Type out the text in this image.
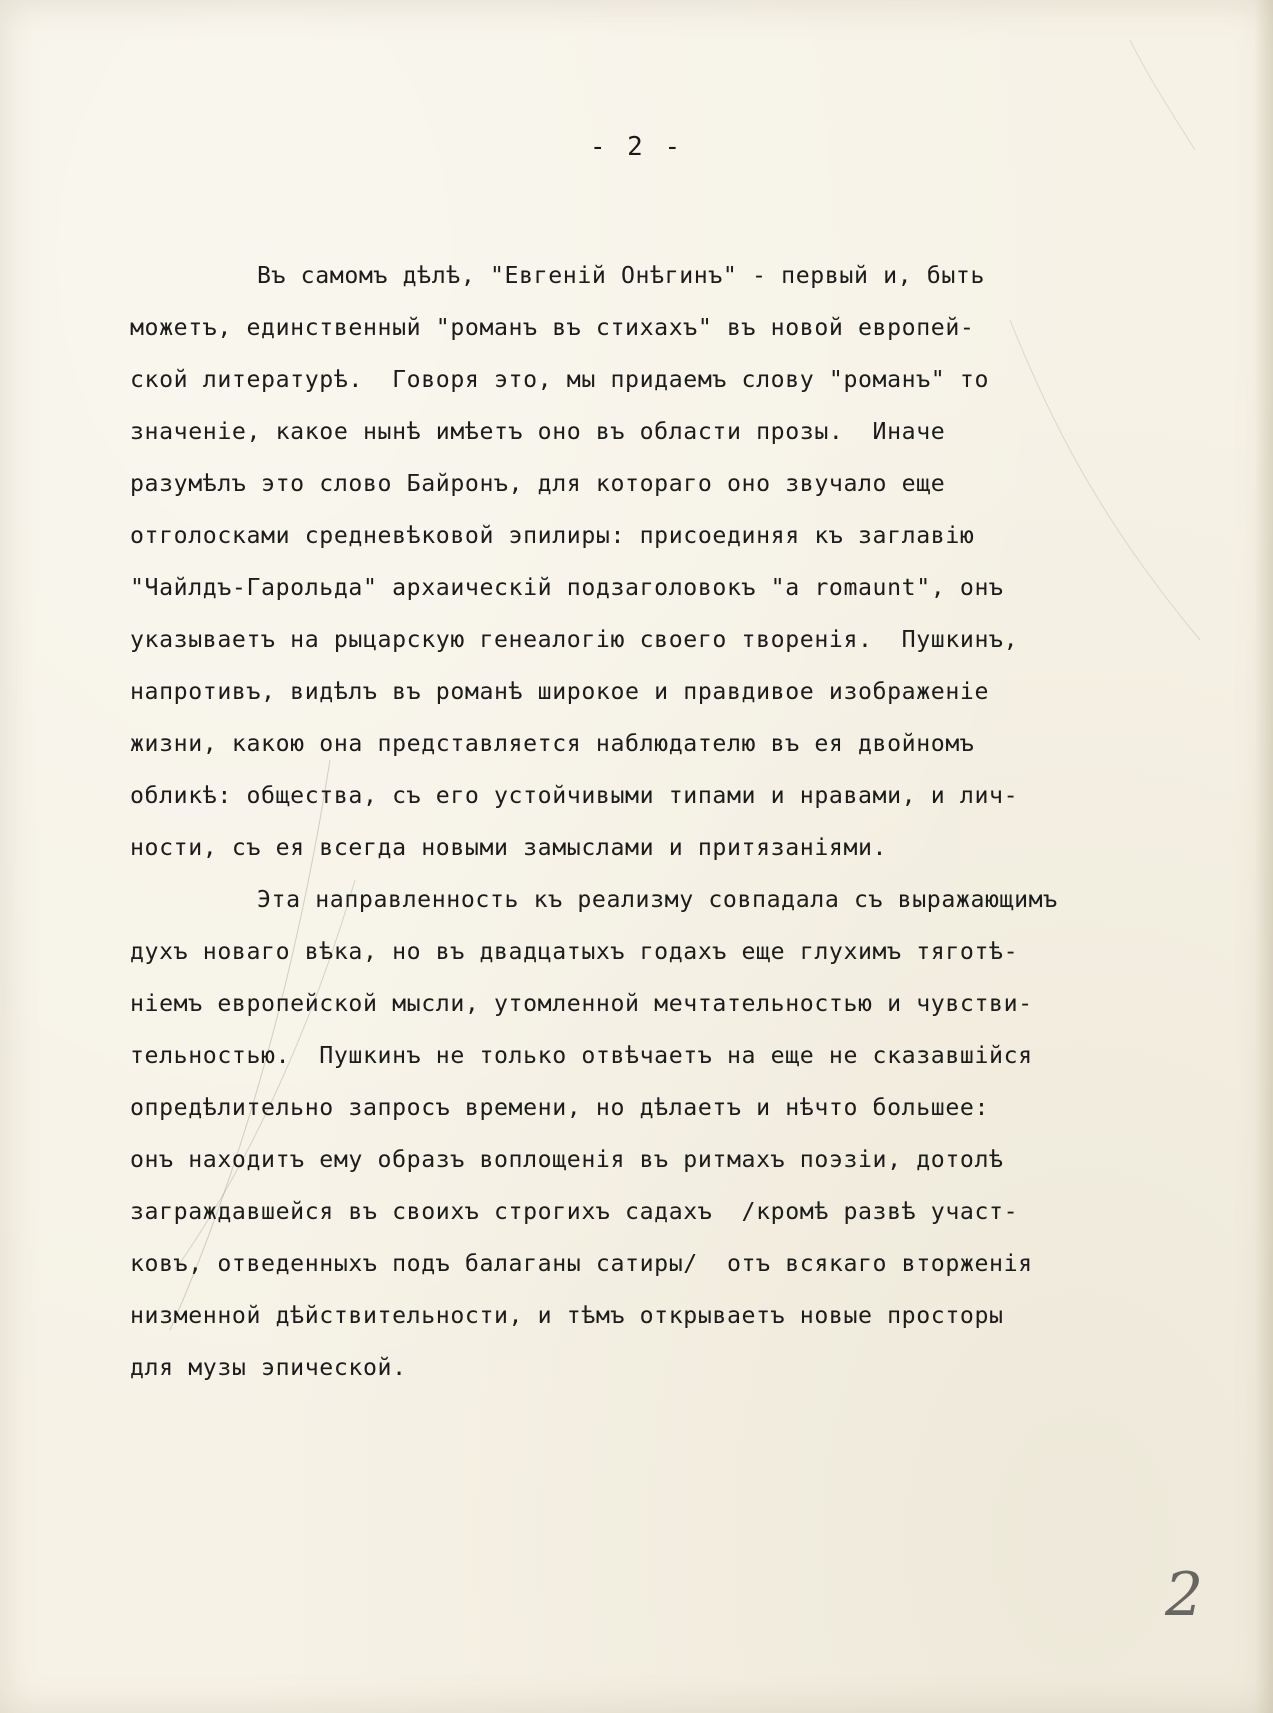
- 2 -
Въ самомъ дѣлѣ, "Евгеній Онѣгинъ" - первый и, быть
можетъ, единственный "романъ въ стихахъ" въ новой европей-
ской литературѣ.  Говоря это, мы придаемъ слову "романъ" то
значеніе, какое нынѣ имѣетъ оно въ области прозы.  Иначе
разумѣлъ это слово Байронъ, для котораго оно звучало еще
отголосками средневѣковой эпилиры: присоединяя къ заглавію
"Чайлдъ-Гарольда" архаическій подзаголовокъ "а romaunt", онъ
указываетъ на рыцарскую генеалогію своего творенія.  Пушкинъ,
напротивъ, видѣлъ въ романѣ широкое и правдивое изображеніе
жизни, какою она представляется наблюдателю въ ея двойномъ
обликѣ: общества, съ его устойчивыми типами и нравами, и лич-
ности, съ ея всегда новыми замыслами и притязаніями.
Эта направленность къ реализму совпадала съ выражающимъ
духъ новаго вѣка, но въ двадцатыхъ годахъ еще глухимъ тяготѣ-
ніемъ европейской мысли, утомленной мечтательностью и чувстви-
тельностью.  Пушкинъ не только отвѣчаетъ на еще не сказавшійся
опредѣлительно запросъ времени, но дѣлаетъ и нѣчто большее:
онъ находитъ ему образъ воплощенія въ ритмахъ поэзіи, дотолѣ
заграждавшейся въ своихъ строгихъ садахъ  /кромѣ развѣ участ-
ковъ, отведенныхъ подъ балаганы сатиры/  отъ всякаго вторженія
низменной дѣйствительности, и тѣмъ открываетъ новые просторы
для музы эпической.
2
